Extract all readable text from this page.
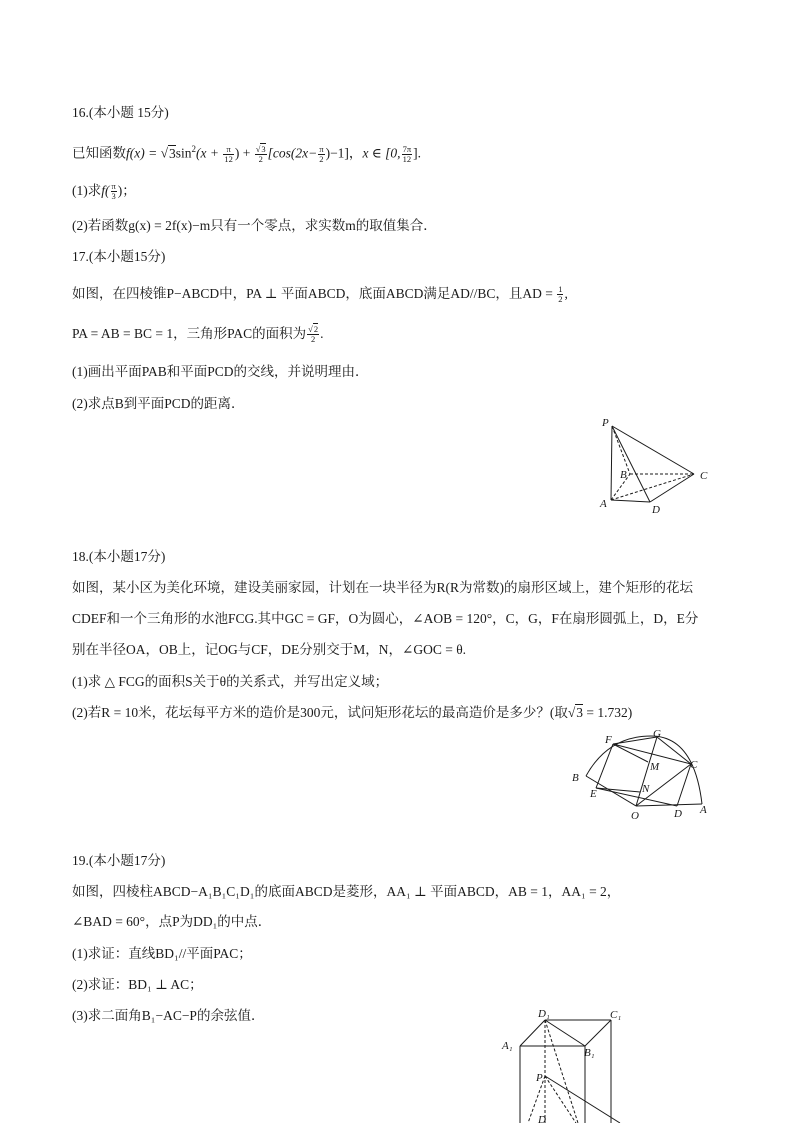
16.(本小题 15分)
已知函数$f(x) = √3\sin^2(x + \frac{\pi}{12}$ ) + $\frac{√3}{2} [\cos(2x- \frac{\pi}{2} )-1]$，x ∈ [0, $\frac{7\pi}{12}$ ].
(1)求$f( \frac{\pi}{3}$ )；
(2)若函数g(x) = 2f(x)−m只有一个零点，求实数m的取值集合．
17.(本小题15分)
如图，在四棱锥P−ABCD中，PA ⊥ 平面ABCD，底面ABCD满足AD//BC，且AD = $\frac{1}{2}$ ,
PA = AB = BC = 1，三角形PAC的面积为 $\frac{√2}{2}$ .
(1)画出平面PAB和平面PCD的交线，并说明理由．
(2)求点B到平面PCD的距离．
P
B	C
A	D
18.(本小题17分)
如图，某小区为美化环境，建设美丽家园，计划在一块半径为R(R为常数)的扇形区域上，建个矩形的花坛
CDEF和一个三角形的水池FCG.其中GC = GF，O为圆心，∠AOB = 120°，C，G，F在扇形圆弧上，D，E分
别在半径OA，OB上，记OG与CF，DE分别交于M，N，∠GOC = θ.
(1)求 △ FCG的面积S关于θ的关系式，并写出定义域；
(2)若R = 10米，花坛每平方米的造价是300元，试问矩形花坛的最高造价是多少？(取√3 = 1.732)
F	G
C
M
B
E	N
O	D A
19.(本小题17分)
如图，四棱柱ABCD−A₁B₁C₁D₁的底面ABCD是菱形，AA₁ ⊥ 平面ABCD，AB = 1，AA₁ = 2，
∠BAD = 60°，点P为DD₁的中点．
(1)求证：直线BD₁//平面PAC；
(2)求证：BD₁ ⊥ AC；
(3)求二面角B₁−AC−P的余弦值．	D₁	C₁
A₁
B₁
P
D
